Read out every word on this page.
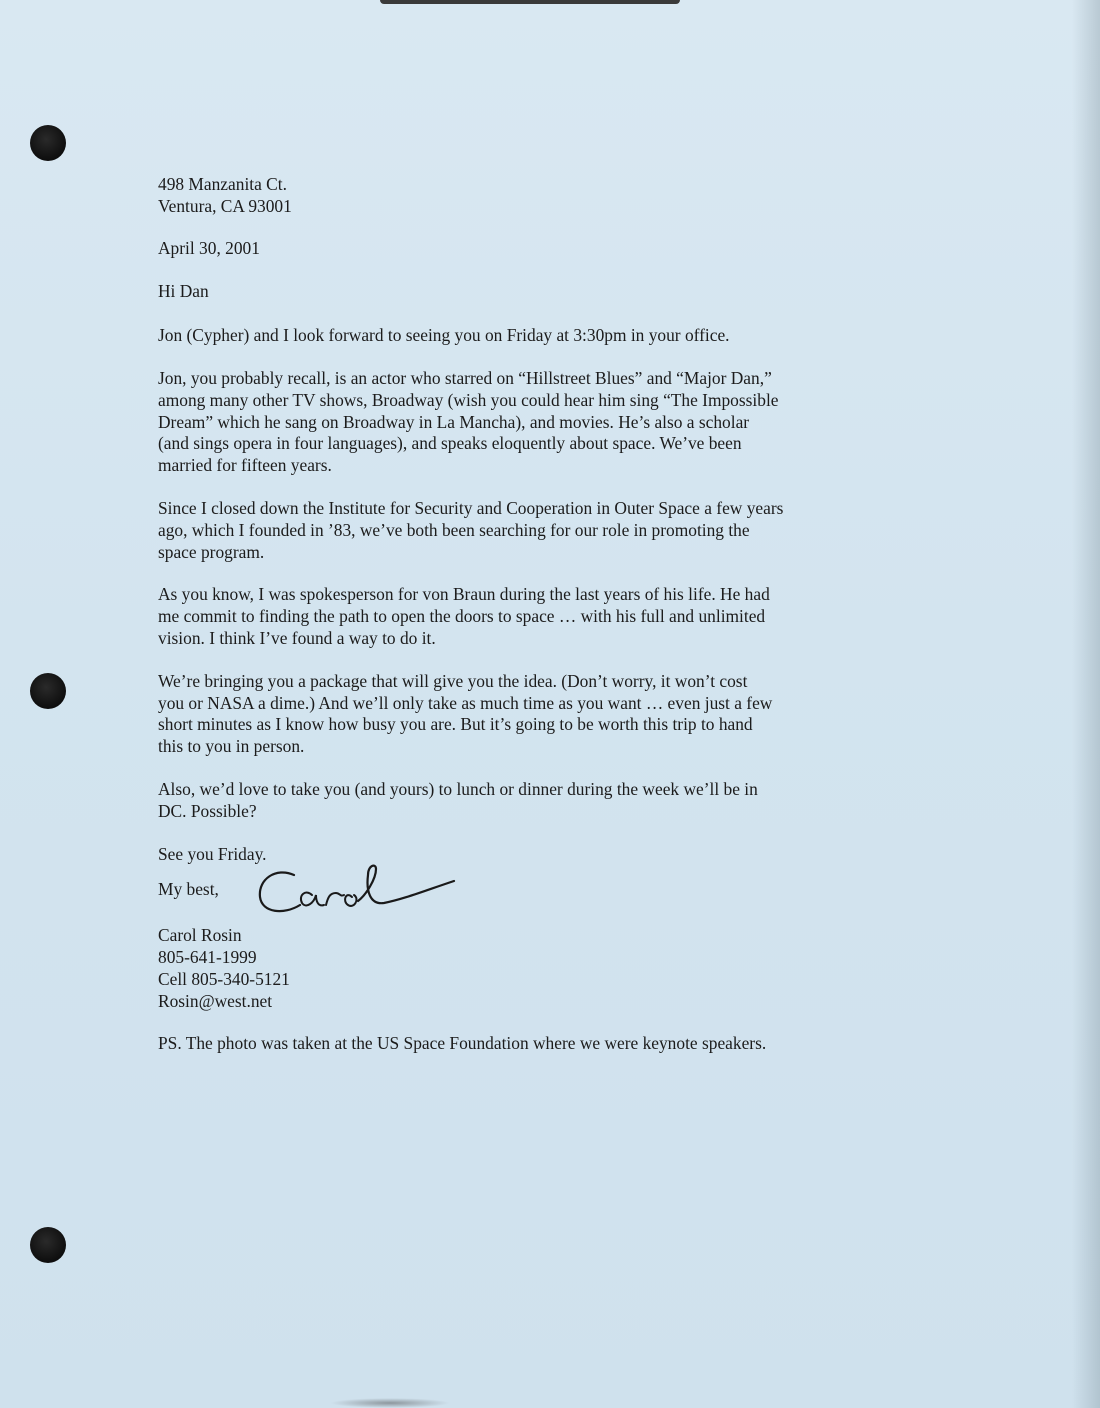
498 Manzanita Ct.

Ventura, CA 93001

April 30, 2001

Hi Dan

Jon (Cypher) and I look forward to seeing you on Friday at 3:30pm in your office.

Jon, you probably recall, is an actor who starred on “Hillstreet Blues” and “Major Dan,”
among many other TV shows, Broadway (wish you could hear him sing “The Impossible
Dream” which he sang on Broadway in La Mancha), and movies. He’s also a scholar
(and sings opera in four languages), and speaks eloquently about space. We’ve been
married for fifteen years.

Since I closed down the Institute for Security and Cooperation in Outer Space a few years
ago, which I founded in ’83, we’ve both been searching for our role in promoting the
space program.

As you know, I was spokesperson for von Braun during the last years of his life. He had
me commit to finding the path to open the doors to space … with his full and unlimited
vision. I think I’ve found a way to do it.

We’re bringing you a package that will give you the idea. (Don’t worry, it won’t cost
you or NASA a dime.) And we’ll only take as much time as you want … even just a few
short minutes as I know how busy you are. But it’s going to be worth this trip to hand
this to you in person.

Also, we’d love to take you (and yours) to lunch or dinner during the week we’ll be in
DC. Possible?

See you Friday.

My best,

Carol Rosin

805-641-1999

Cell 805-340-5121

Rosin@west.net

PS. The photo was taken at the US Space Foundation where we were keynote speakers.
